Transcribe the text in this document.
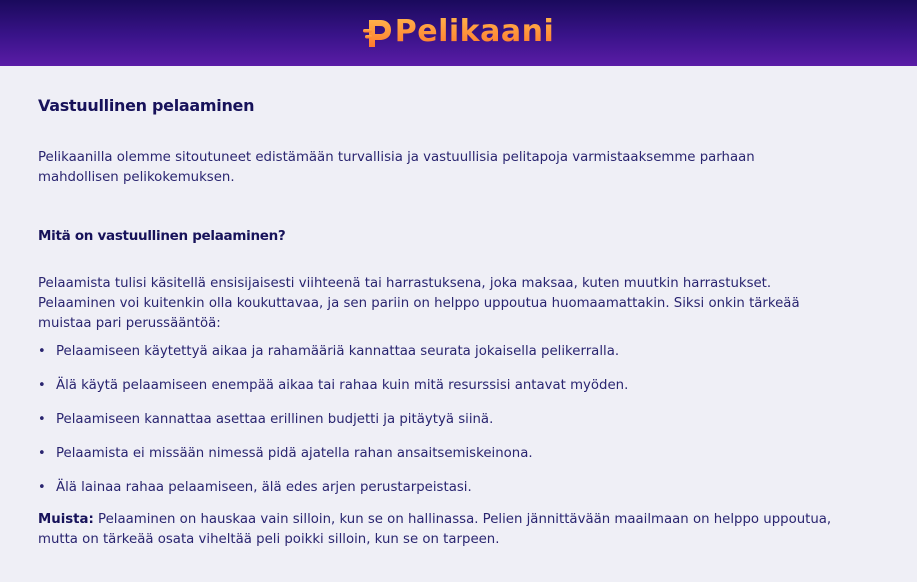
Pelikaani
Vastuullinen pelaaminen

Pelikaanilla olemme sitoutuneet edistämään turvallisia ja vastuullisia pelitapoja varmistaaksemme parhaan mahdollisen pelikokemuksen.

Mitä on vastuullinen pelaaminen?

Pelaamista tulisi käsitellä ensisijaisesti viihteenä tai harrastuksena, joka maksaa, kuten muutkin harrastukset. Pelaaminen voi kuitenkin olla koukuttavaa, ja sen pariin on helppo uppoutua huomaamattakin. Siksi onkin tärkeää muistaa pari perussääntöä:

• Pelaamiseen käytettyä aikaa ja rahamääriä kannattaa seurata jokaisella pelikerralla.
• Älä käytä pelaamiseen enempää aikaa tai rahaa kuin mitä resurssisi antavat myöden.
• Pelaamiseen kannattaa asettaa erillinen budjetti ja pitäytyä siinä.
• Pelaamista ei missään nimessä pidä ajatella rahan ansaitsemiskeinona.
• Älä lainaa rahaa pelaamiseen, älä edes arjen perustarpeistasi.

Muista: Pelaaminen on hauskaa vain silloin, kun se on hallinassa. Pelien jännittävään maailmaan on helppo uppoutua, mutta on tärkeää osata viheltää peli poikki silloin, kun se on tarpeen.
